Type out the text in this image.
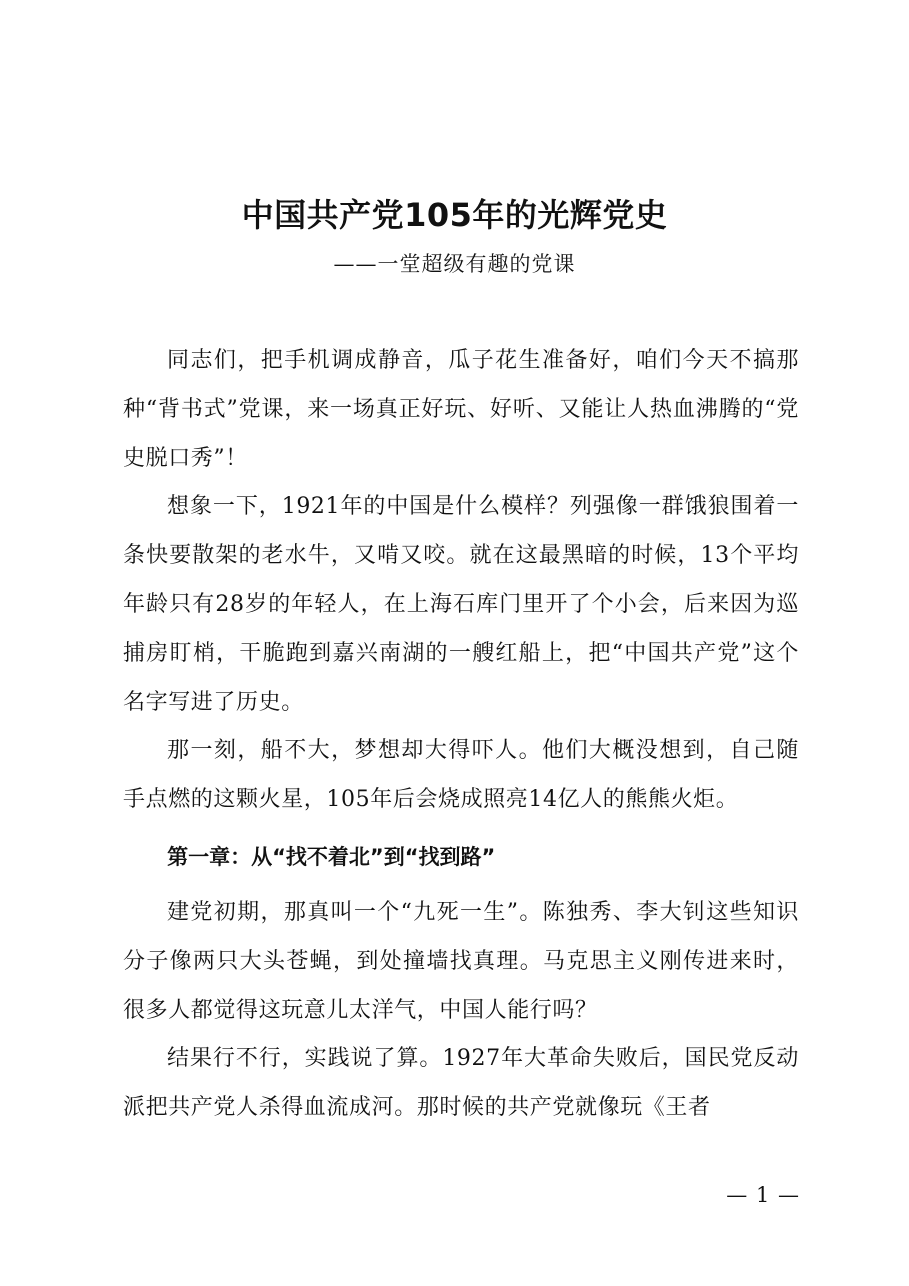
中国共产党105年的光辉党史
——一堂超级有趣的党课

同志们，把手机调成静音，瓜子花生准备好，咱们今天不搞那种“背书式”党课，来一场真正好玩、好听、又能让人热血沸腾的“党史脱口秀”！

想象一下，1921年的中国是什么模样？列强像一群饿狼围着一条快要散架的老水牛，又啃又咬。就在这最黑暗的时候，13个平均年龄只有28岁的年轻人，在上海石库门里开了个小会，后来因为巡捕房盯梢，干脆跑到嘉兴南湖的一艘红船上，把“中国共产党”这个名字写进了历史。

那一刻，船不大，梦想却大得吓人。他们大概没想到，自己随手点燃的这颗火星，105年后会烧成照亮14亿人的熊熊火炬。

第一章：从“找不着北”到“找到路”

建党初期，那真叫一个“九死一生”。陈独秀、李大钊这些知识分子像两只大头苍蝇，到处撞墙找真理。马克思主义刚传进来时，很多人都觉得这玩意儿太洋气，中国人能行吗？

结果行不行，实践说了算。1927年大革命失败后，国民党反动派把共产党人杀得血流成河。那时候的共产党就像玩《王者

— 1 —
